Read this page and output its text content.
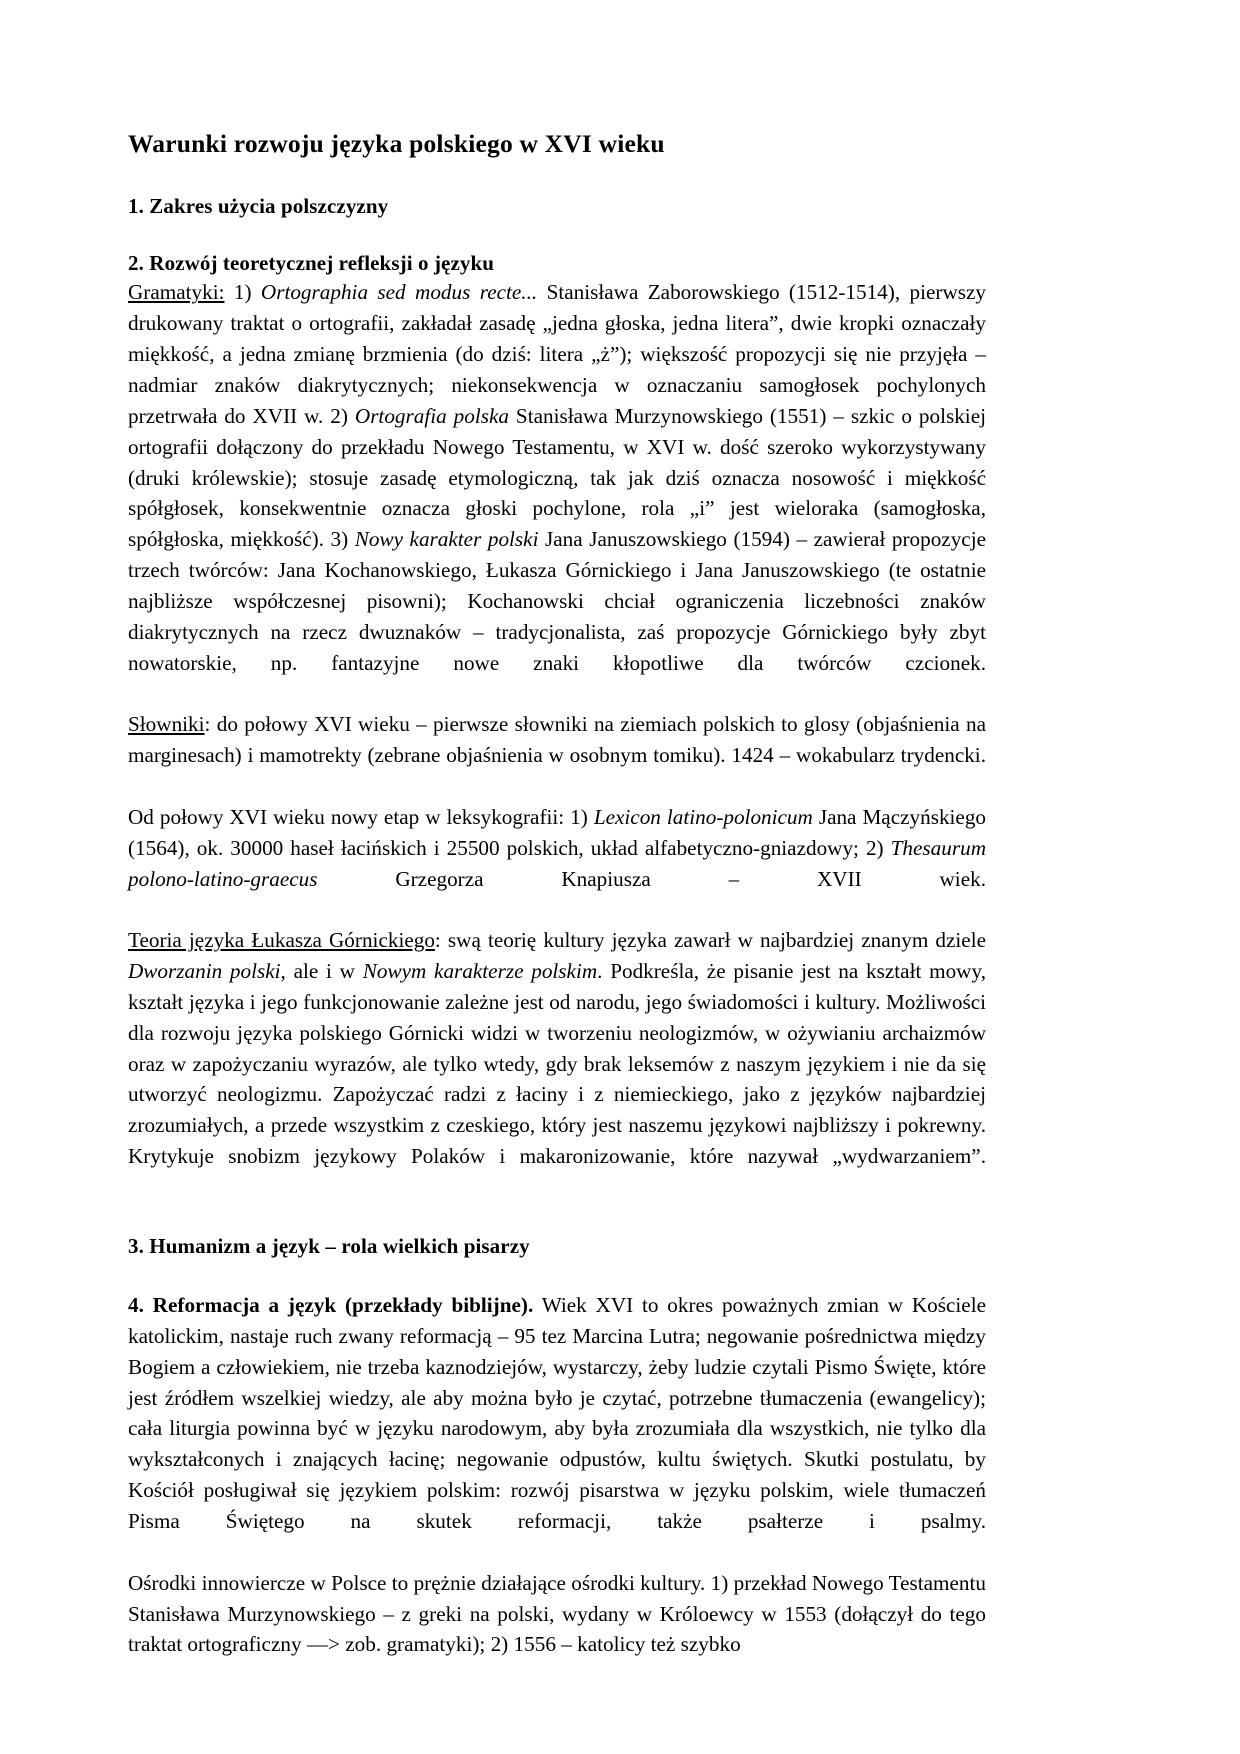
Warunki rozwoju języka polskiego w XVI wieku
1. Zakres użycia polszczyzny
2. Rozwój teoretycznej refleksji o języku

Gramatyki: 1) Ortographia sed modus recte... Stanisława Zaborowskiego (1512-1514), pierwszy drukowany traktat o ortografii, zakładał zasadę „jedna głoska, jedna litera”, dwie kropki oznaczały miękkość, a jedna zmianę brzmienia (do dziś: litera „ż”); większość propozycji się nie przyjęła – nadmiar znaków diakrytycznych; niekonsekwencja w oznaczaniu samogłosek pochylonych przetrwała do XVII w. 2) Ortografia polska Stanisława Murzynowskiego (1551) – szkic o polskiej ortografii dołączony do przekładu Nowego Testamentu, w XVI w. dość szeroko wykorzystywany (druki królewskie); stosuje zasadę etymologiczną, tak jak dziś oznacza nosowość i miękkość spółgłosek, konsekwentnie oznacza głoski pochylone, rola „i” jest wieloraka (samogłoska, spółgłoska, miękkość). 3) Nowy karakter polski Jana Januszowskiego (1594) – zawierał propozycje trzech twórców: Jana Kochanowskiego, Łukasza Górnickiego i Jana Januszowskiego (te ostatnie najbliższe współczesnej pisowni); Kochanowski chciał ograniczenia liczebności znaków diakrytycznych na rzecz dwuznaków – tradycjonalista, zaś propozycje Górnickiego były zbyt nowatorskie, np. fantazyjne nowe znaki kłopotliwe dla twórców czcionek.

Słowniki: do połowy XVI wieku – pierwsze słowniki na ziemiach polskich to glosy (objaśnienia na marginesach) i mamotrekty (zebrane objaśnienia w osobnym tomiku). 1424 – wokabularz trydencki.

Od połowy XVI wieku nowy etap w leksykografii: 1) Lexicon latino-polonicum Jana Mączyńskiego (1564), ok. 30000 haseł łacińskich i 25500 polskich, układ alfabetyczno-gniazdowy; 2) Thesaurum polono-latino-graecus Grzegorza Knapiusza – XVII wiek.

Teoria języka Łukasza Górnickiego: swą teorię kultury języka zawarł w najbardziej znanym dziele Dworzanin polski, ale i w Nowym karakterze polskim. Podkreśla, że pisanie jest na kształt mowy, kształt języka i jego funkcjonowanie zależne jest od narodu, jego świadomości i kultury. Możliwości dla rozwoju języka polskiego Górnicki widzi w tworzeniu neologizmów, w ożywianiu archaizmów oraz w zapożyczaniu wyrazów, ale tylko wtedy, gdy brak leksemów z naszym językiem i nie da się utworzyć neologizmu. Zapożyczać radzi z łaciny i z niemieckiego, jako z języków najbardziej zrozumiałych, a przede wszystkim z czeskiego, który jest naszemu językowi najbliższy i pokrewny. Krytykuje snobizm językowy Polaków i makaronizowanie, które nazywał „wydwarzaniem”.

3. Humanizm a język – rola wielkich pisarzy

4. Reformacja a język (przekłady biblijne). Wiek XVI to okres poważnych zmian w Kościele katolickim, nastaje ruch zwany reformacją – 95 tez Marcina Lutra; negowanie pośrednictwa między Bogiem a człowiekiem, nie trzeba kaznodziejów, wystarczy, żeby ludzie czytali Pismo Święte, które jest źródłem wszelkiej wiedzy, ale aby można było je czytać, potrzebne tłumaczenia (ewangelicy); cała liturgia powinna być w języku narodowym, aby była zrozumiała dla wszystkich, nie tylko dla wykształconych i znających łacinę; negowanie odpustów, kultu świętych. Skutki postulatu, by Kościół posługiwał się językiem polskim: rozwój pisarstwa w języku polskim, wiele tłumaczeń Pisma Świętego na skutek reformacji, także psałterze i psalmy.

Ośrodki innowiercze w Polsce to prężnie działające ośrodki kultury. 1) przekład Nowego Testamentu Stanisława Murzynowskiego – z greki na polski, wydany w Króloewcy w 1553 (dołączył do tego traktat ortograficzny —> zob. gramatyki); 2) 1556 – katolicy też szybko
